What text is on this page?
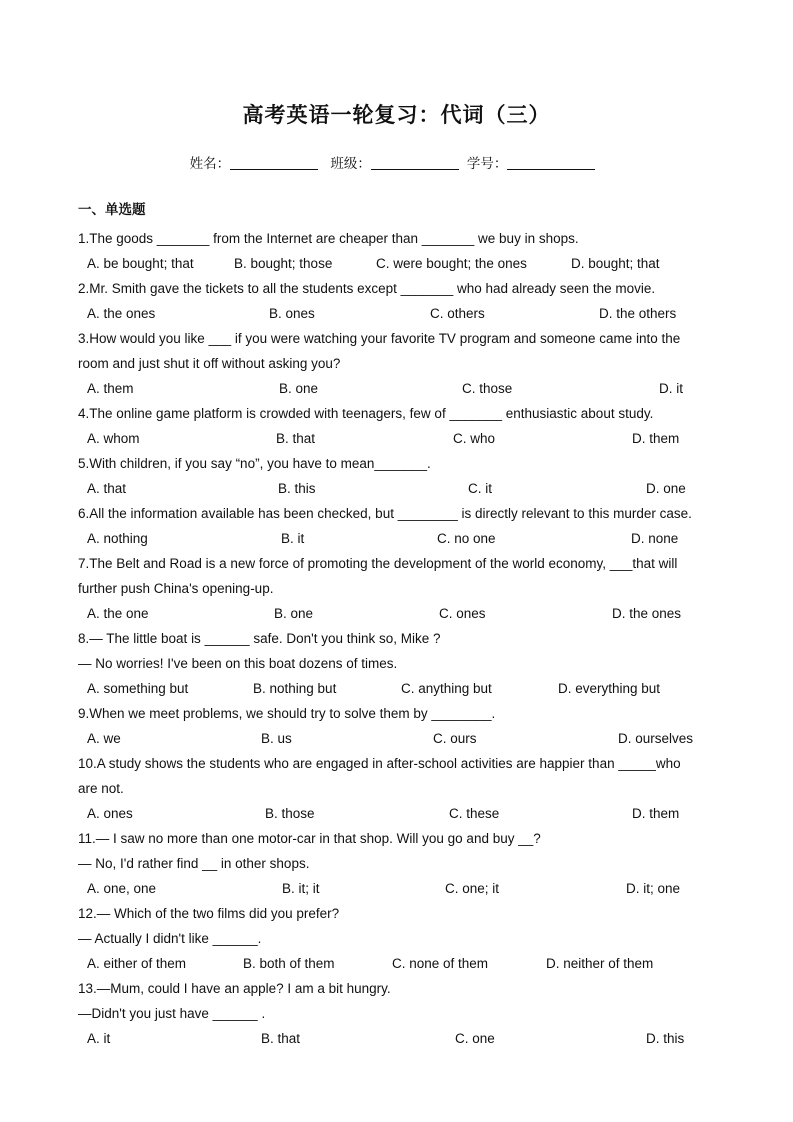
高考英语一轮复习：代词（三）
姓名：	班级：	学号：
一、单选题
1.The goods _______ from the Internet are cheaper than _______ we buy in shops.
A. be bought; that	B. bought; those	C. were bought; the ones	D. bought; that
2.Mr. Smith gave the tickets to all the students except _______ who had already seen the movie.
A. the ones	B. ones	C. others	D. the others
3.How would you like ___ if you were watching your favorite TV program and someone came into the
room and just shut it off without asking you?
A. them	B. one	C. those	D. it
4.The online game platform is crowded with teenagers, few of _______ enthusiastic about study.
A. whom	B. that	C. who	D. them
5.With children, if you say “no”, you have to mean_______.
A. that	B. this	C. it	D. one
6.All the information available has been checked, but ________ is directly relevant to this murder case.
A. nothing	B. it	C. no one	D. none
7.The Belt and Road is a new force of promoting the development of the world economy, ___that will
further push China's opening-up.
A. the one	B. one	C. ones	D. the ones
8.— The little boat is ______ safe. Don't you think so, Mike ?
— No worries! I've been on this boat dozens of times.
A. something but	B. nothing but	C. anything but	D. everything but
9.When we meet problems, we should try to solve them by ________.
A. we	B. us	C. ours	D. ourselves
10.A study shows the students who are engaged in after-school activities are happier than _____who
are not.
A. ones	B. those	C. these	D. them
11.— I saw no more than one motor-car in that shop. Will you go and buy __?
— No, I'd rather find __ in other shops.
A. one, one	B. it; it	C. one; it	D. it; one
12.— Which of the two films did you prefer?
— Actually I didn't like ______.
A. either of them	B. both of them	C. none of them	D. neither of them
13.—Mum, could I have an apple? I am a bit hungry.
—Didn't you just have ______ .
A. it	B. that	C. one	D. this
